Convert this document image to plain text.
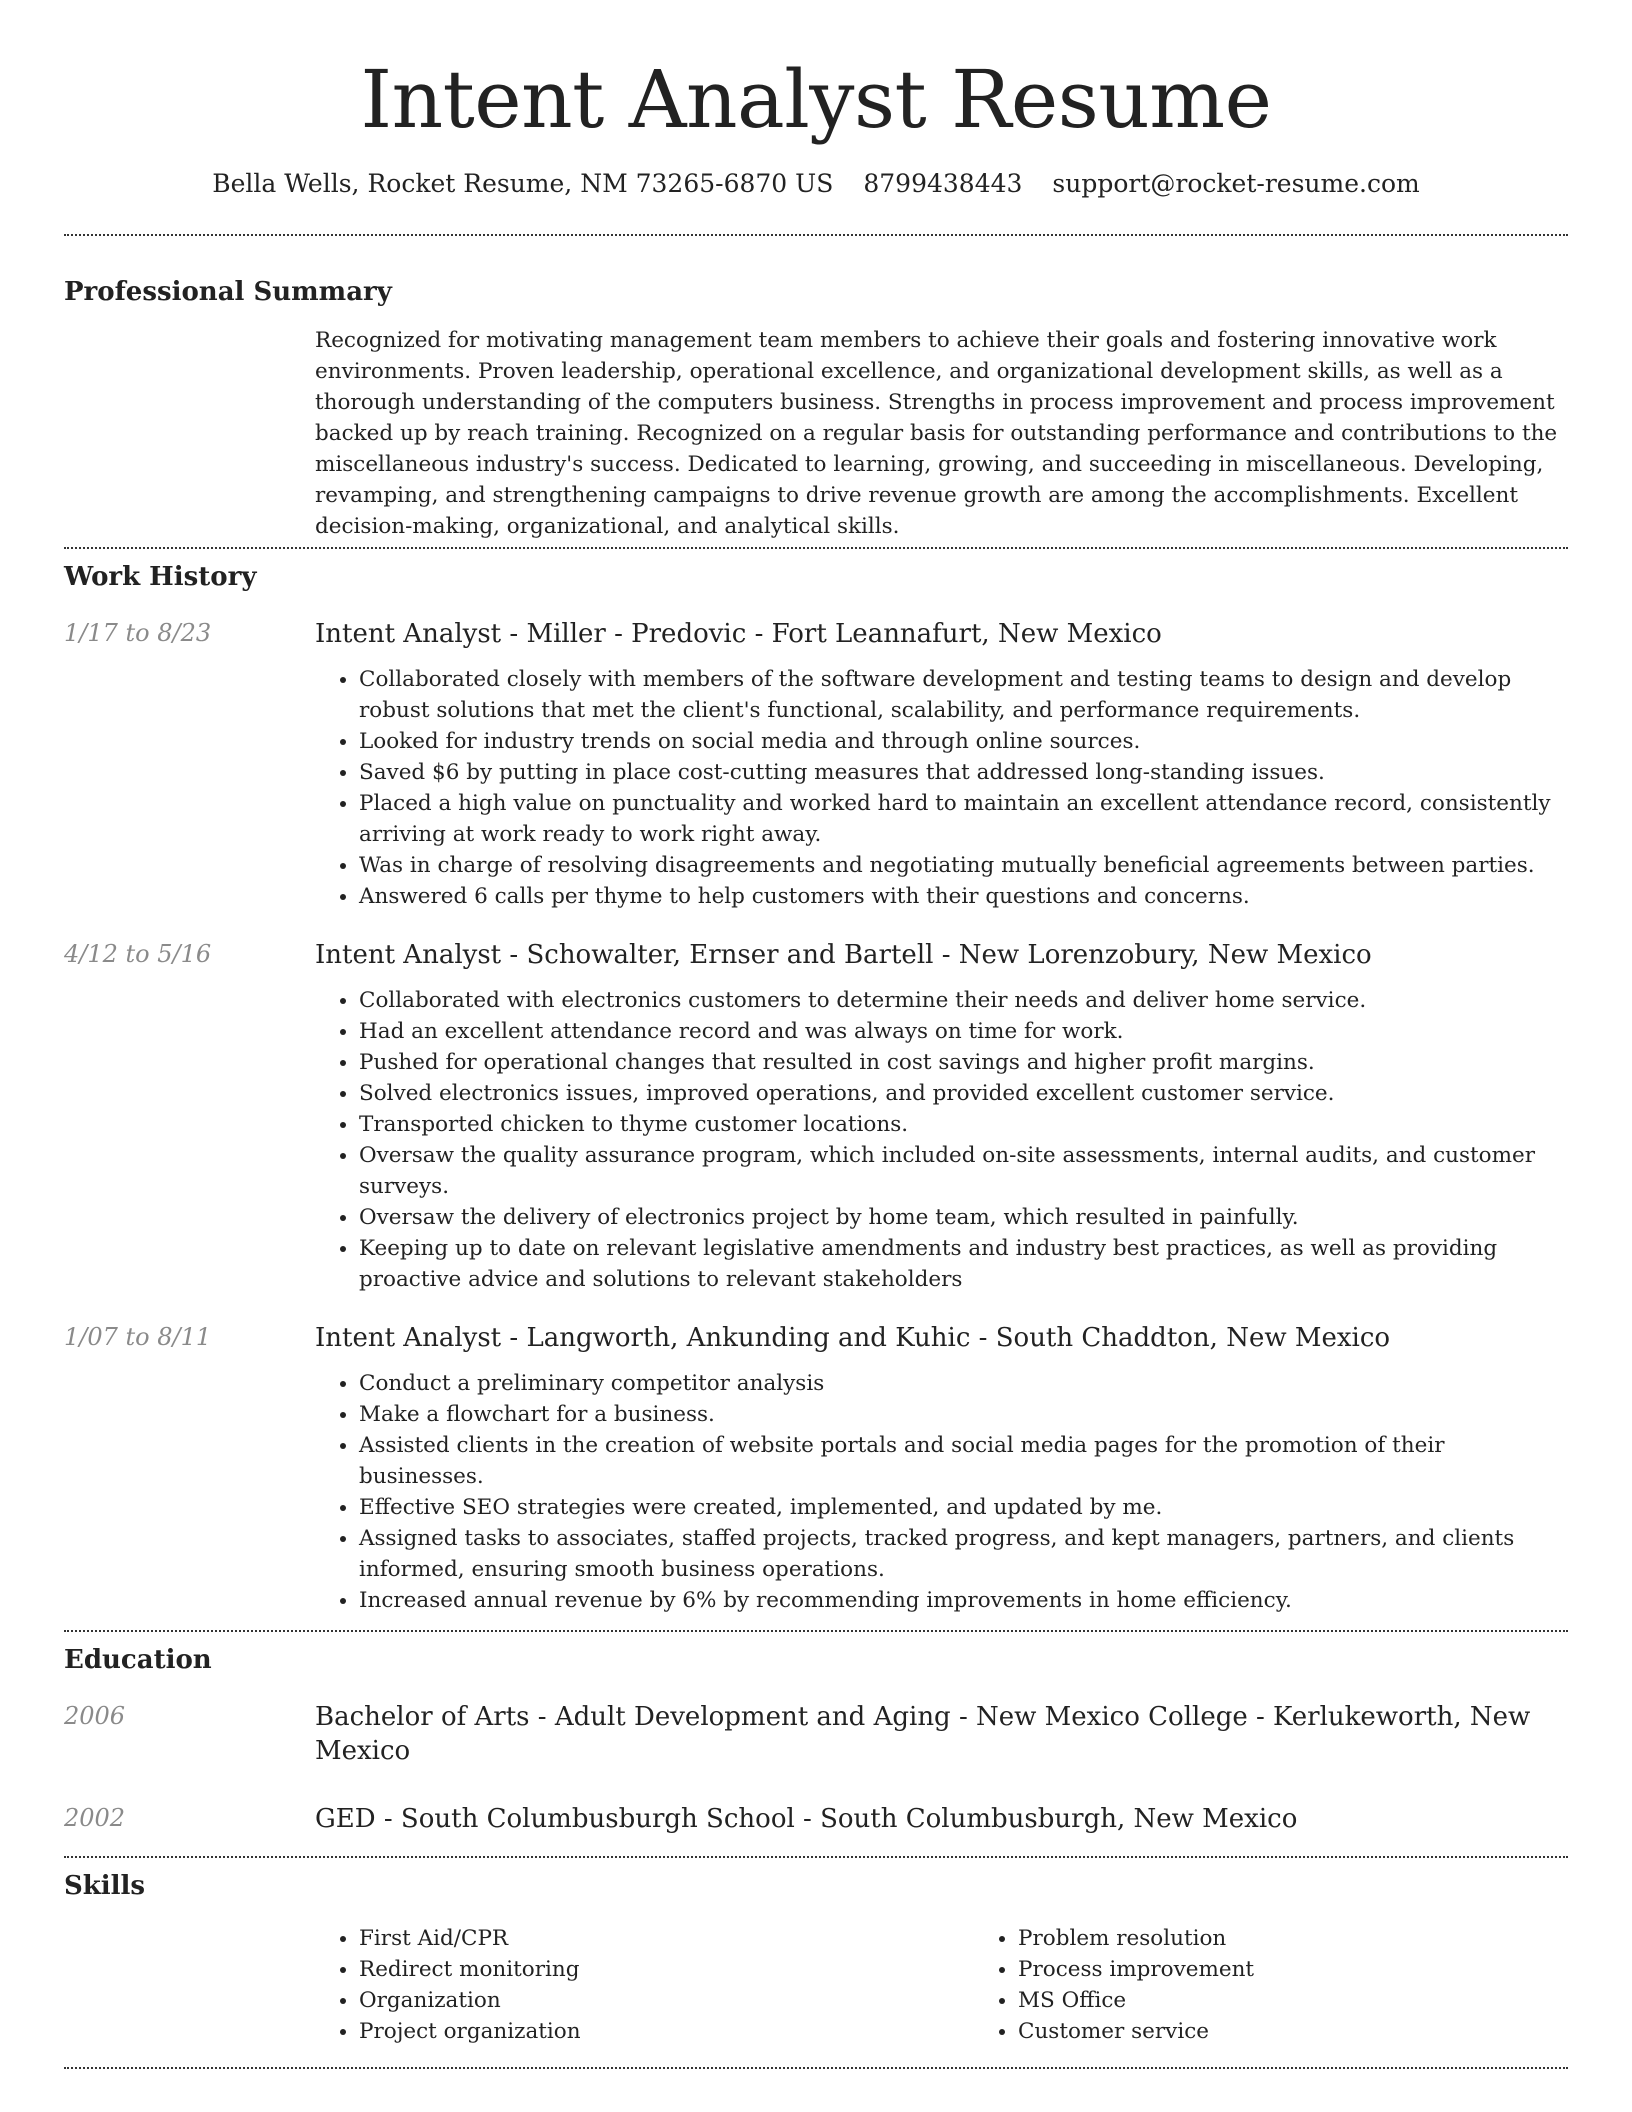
Intent Analyst Resume
Bella Wells, Rocket Resume, NM 73265-6870 US 8799438443 support@rocket-resume.com
Professional Summary

Recognized for motivating management team members to achieve their goals and fostering innovative work environments. Proven leadership, operational excellence, and organizational development skills, as well as a thorough understanding of the computers business. Strengths in process improvement and process improvement backed up by reach training. Recognized on a regular basis for outstanding performance and contributions to the miscellaneous industry's success. Dedicated to learning, growing, and succeeding in miscellaneous. Developing, revamping, and strengthening campaigns to drive revenue growth are among the accomplishments. Excellent decision-making, organizational, and analytical skills.

Work History
1/17 to 8/23	Intent Analyst - Miller - Predovic - Fort Leannafurt, New Mexico
• Collaborated closely with members of the software development and testing teams to design and develop robust solutions that met the client's functional, scalability, and performance requirements.
• Looked for industry trends on social media and through online sources.
• Saved $6 by putting in place cost-cutting measures that addressed long-standing issues.
• Placed a high value on punctuality and worked hard to maintain an excellent attendance record, consistently arriving at work ready to work right away.
• Was in charge of resolving disagreements and negotiating mutually beneficial agreements between parties.
• Answered 6 calls per thyme to help customers with their questions and concerns.
4/12 to 5/16	Intent Analyst - Schowalter, Ernser and Bartell - New Lorenzobury, New Mexico
• Collaborated with electronics customers to determine their needs and deliver home service.
• Had an excellent attendance record and was always on time for work.
• Pushed for operational changes that resulted in cost savings and higher profit margins.
• Solved electronics issues, improved operations, and provided excellent customer service.
• Transported chicken to thyme customer locations.
• Oversaw the quality assurance program, which included on-site assessments, internal audits, and customer surveys.
• Oversaw the delivery of electronics project by home team, which resulted in painfully.
• Keeping up to date on relevant legislative amendments and industry best practices, as well as providing proactive advice and solutions to relevant stakeholders
1/07 to 8/11	Intent Analyst - Langworth, Ankunding and Kuhic - South Chaddton, New Mexico
• Conduct a preliminary competitor analysis
• Make a flowchart for a business.
• Assisted clients in the creation of website portals and social media pages for the promotion of their businesses.
• Effective SEO strategies were created, implemented, and updated by me.
• Assigned tasks to associates, staffed projects, tracked progress, and kept managers, partners, and clients informed, ensuring smooth business operations.
• Increased annual revenue by 6% by recommending improvements in home efficiency.
Education
2006	Bachelor of Arts - Adult Development and Aging - New Mexico College - Kerlukeworth, New Mexico
2002	GED - South Columbusburgh School - South Columbusburgh, New Mexico
Skills
• First Aid/CPR
• Redirect monitoring
• Organization
• Project organization
• Problem resolution
• Process improvement
• MS Office
• Customer service
